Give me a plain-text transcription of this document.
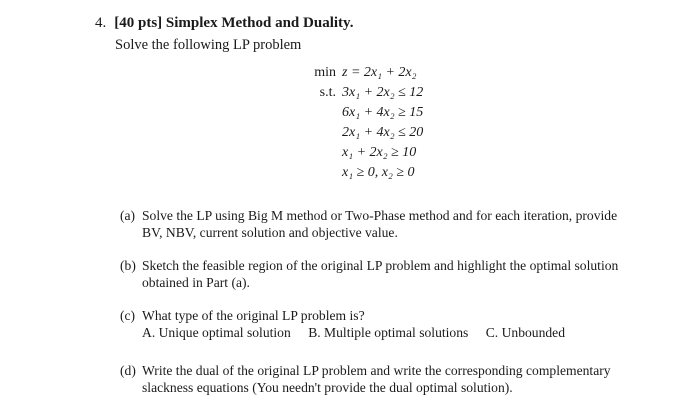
4. [40 pts] Simplex Method and Duality.
Solve the following LP problem
min z = 2x₁ + 2x₂
s.t. 3x₁ + 2x₂ ≤ 12
6x₁ + 4x₂ ≥ 15
2x₁ + 4x₂ ≤ 20
x₁ + 2x₂ ≥ 10
x₁ ≥ 0, x₂ ≥ 0
(a) Solve the LP using Big M method or Two-Phase method and for each iteration, provide BV, NBV, current solution and objective value.
(b) Sketch the feasible region of the original LP problem and highlight the optimal solution obtained in Part (a).
(c) What type of the original LP problem is?
A. Unique optimal solution B. Multiple optimal solutions C. Unbounded
(d) Write the dual of the original LP problem and write the corresponding complementary slackness equations (You needn't provide the dual optimal solution).
